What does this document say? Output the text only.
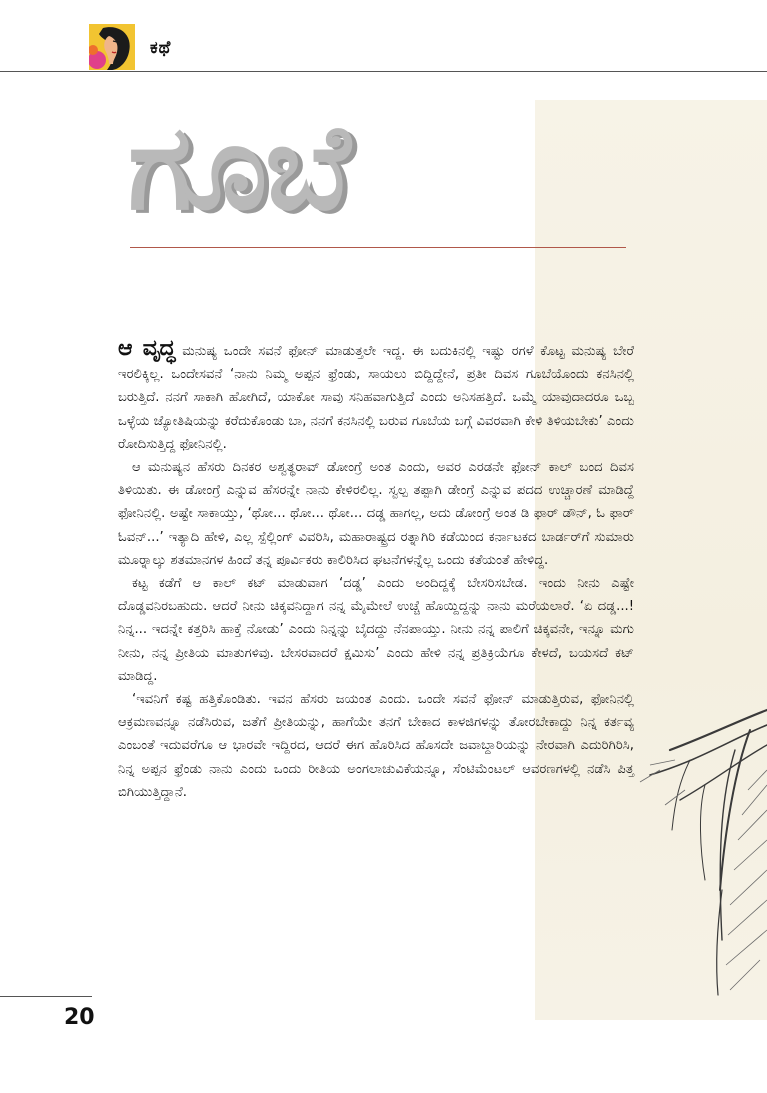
ಕಥೆ
ಗೂಬೆ

ಆ ವೃದ್ಧ ಮನುಷ್ಯ ಒಂದೇ ಸವನೆ ಫೋನ್ ಮಾಡುತ್ತಲೇ ಇದ್ದ. ಈ ಬದುಕಿನಲ್ಲಿ ಇಷ್ಟು ರಗಳೆ ಕೊಟ್ಟ ಮನುಷ್ಯ ಬೇರೆ ಇರಲಿಕ್ಕಿಲ್ಲ. ಒಂದೇಸವನೆ ‘ನಾನು ನಿಮ್ಮ ಅಪ್ಪನ ಫ್ರೆಂಡು, ಸಾಯಲು ಬಿದ್ದಿದ್ದೇನೆ, ಪ್ರತೀ ದಿವಸ ಗೂಬೆಯೊಂದು ಕನಸಿನಲ್ಲಿ ಬರುತ್ತಿದೆ. ನನಗೆ ಸಾಕಾಗಿ ಹೋಗಿದೆ, ಯಾಕೋ ಸಾವು ಸನಿಹವಾಗುತ್ತಿದೆ ಎಂದು ಅನಿಸಹತ್ತಿದೆ. ಒಮ್ಮೆ ಯಾವುದಾದರೂ ಒಬ್ಬ ಒಳ್ಳೆಯ ಜ್ಯೋತಿಷಿಯನ್ನು ಕರೆದುಕೊಂಡು ಬಾ, ನನಗೆ ಕನಸಿನಲ್ಲಿ ಬರುವ ಗೂಬೆಯ ಬಗ್ಗೆ ವಿವರವಾಗಿ ಕೇಳಿ ತಿಳಿಯಬೇಕು’ ಎಂದು ರೋದಿಸುತ್ತಿದ್ದ ಫೋನಿನಲ್ಲಿ.

ಆ ಮನುಷ್ಯನ ಹೆಸರು ದಿನಕರ ಅಶ್ವತ್ಥರಾವ್ ಡೋಂಗ್ರೆ ಅಂತ ಎಂದು, ಅವರ ಎರಡನೇ ಫೋನ್ ಕಾಲ್ ಬಂದ ದಿವಸ ತಿಳಿಯಿತು. ಈ ಡೋಂಗ್ರೆ ಎನ್ನುವ ಹೆಸರನ್ನೇ ನಾನು ಕೇಳಿರಲಿಲ್ಲ. ಸ್ವಲ್ಪ ತಪ್ಪಾಗಿ ಡೇಂಗ್ರೆ ಎನ್ನುವ ಪದದ ಉಚ್ಚಾರಣೆ ಮಾಡಿದ್ದೆ ಫೋನಿನಲ್ಲಿ. ಅಷ್ಟೇ ಸಾಕಾಯ್ತು, ‘ಥೋ... ಥೋ... ಥೋ... ದಡ್ಡ ಹಾಗಲ್ಲ, ಅದು ಡೋಂಗ್ರೆ ಅಂತ ಡಿ ಫಾರ್ ಡೌನ್, ಓ ಫಾರ್ ಓವನ್...’ ಇತ್ಯಾದಿ ಹೇಳಿ, ಎಲ್ಲ ಸ್ಪೆಲ್ಲಿಂಗ್ ವಿವರಿಸಿ, ಮಹಾರಾಷ್ಟ್ರದ ರತ್ನಾಗಿರಿ ಕಡೆಯಿಂದ ಕರ್ನಾಟಕದ ಬಾರ್ಡರ್‌ಗೆ ಸುಮಾರು ಮೂರ್‍ನಾಲ್ಕು ಶತಮಾನಗಳ ಹಿಂದೆ ತನ್ನ ಪೂರ್ವಿಕರು ಕಾಲಿರಿಸಿದ ಘಟನೆಗಳನ್ನೆಲ್ಲ ಒಂದು ಕತೆಯಂತೆ ಹೇಳಿದ್ದ.

ಕಟ್ಟ ಕಡೆಗೆ ಆ ಕಾಲ್ ಕಟ್ ಮಾಡುವಾಗ ‘ದಡ್ಡ’ ಎಂದು ಅಂದಿದ್ದಕ್ಕೆ ಬೇಸರಿಸಬೇಡ. ಇಂದು ನೀನು ಎಷ್ಟೇ ದೊಡ್ಡವನಿರಬಹುದು. ಆದರೆ ನೀನು ಚಿಕ್ಕವನಿದ್ದಾಗ ನನ್ನ ಮೈಮೇಲೆ ಉಚ್ಚೆ ಹೊಯ್ದಿದ್ದನ್ನು ನಾನು ಮರೆಯಲಾರೆ. ‘ಏ ದಡ್ಡ...! ನಿನ್ನ... ಇದನ್ನೇ ಕತ್ತರಿಸಿ ಹಾಕ್ತೆ ನೋಡು’ ಎಂದು ನಿನ್ನನ್ನು ಬೈದದ್ದು ನೆನಪಾಯ್ತು. ನೀನು ನನ್ನ ಪಾಲಿಗೆ ಚಿಕ್ಕವನೇ, ಇನ್ನೂ ಮಗು ನೀನು, ನನ್ನ ಪ್ರೀತಿಯ ಮಾತುಗಳಿವು. ಬೇಸರವಾದರೆ ಕ್ಷಮಿಸು’ ಎಂದು ಹೇಳಿ ನನ್ನ ಪ್ರತಿಕ್ರಿಯೆಗೂ ಕೇಳದೆ, ಬಯಸದೆ ಕಟ್ ಮಾಡಿದ್ದ.

‘ಇವನಿಗೆ ಕಷ್ಟ ಹತ್ತಿಕೊಂಡಿತು. ಇವನ ಹೆಸರು ಜಯಂತ ಎಂದು. ಒಂದೇ ಸವನೆ ಫೋನ್ ಮಾಡುತ್ತಿರುವ, ಫೋನಿನಲ್ಲಿ ಆಕ್ರಮಣವನ್ನೂ ನಡೆಸಿರುವ, ಜತೆಗೆ ಪ್ರೀತಿಯನ್ನು, ಹಾಗೆಯೇ ತನಗೆ ಬೇಕಾದ ಕಾಳಜಿಗಳನ್ನು ತೋರಬೇಕಾದ್ದು ನಿನ್ನ ಕರ್ತವ್ಯ ಎಂಬಂತೆ ಇದುವರೆಗೂ ಆ ಭಾರವೇ ಇದ್ದಿರದ, ಆದರೆ ಈಗ ಹೊರಿಸಿದ ಹೊಸದೇ ಜವಾಬ್ದಾರಿಯನ್ನು ನೇರವಾಗಿ ಎದುರಿಗಿರಿಸಿ, ನಿನ್ನ ಅಪ್ಪನ ಫ್ರೆಂಡು ನಾನು ಎಂದು ಒಂದು ರೀತಿಯ ಅಂಗಲಾಚುವಿಕೆಯನ್ನೂ, ಸೆಂಟಿಮೆಂಟಲ್ ಆವರಣಗಳಲ್ಲಿ ನಡೆಸಿ ಪಿತ್ತ ಬಿಗಿಯುತ್ತಿದ್ದಾನೆ.

20
